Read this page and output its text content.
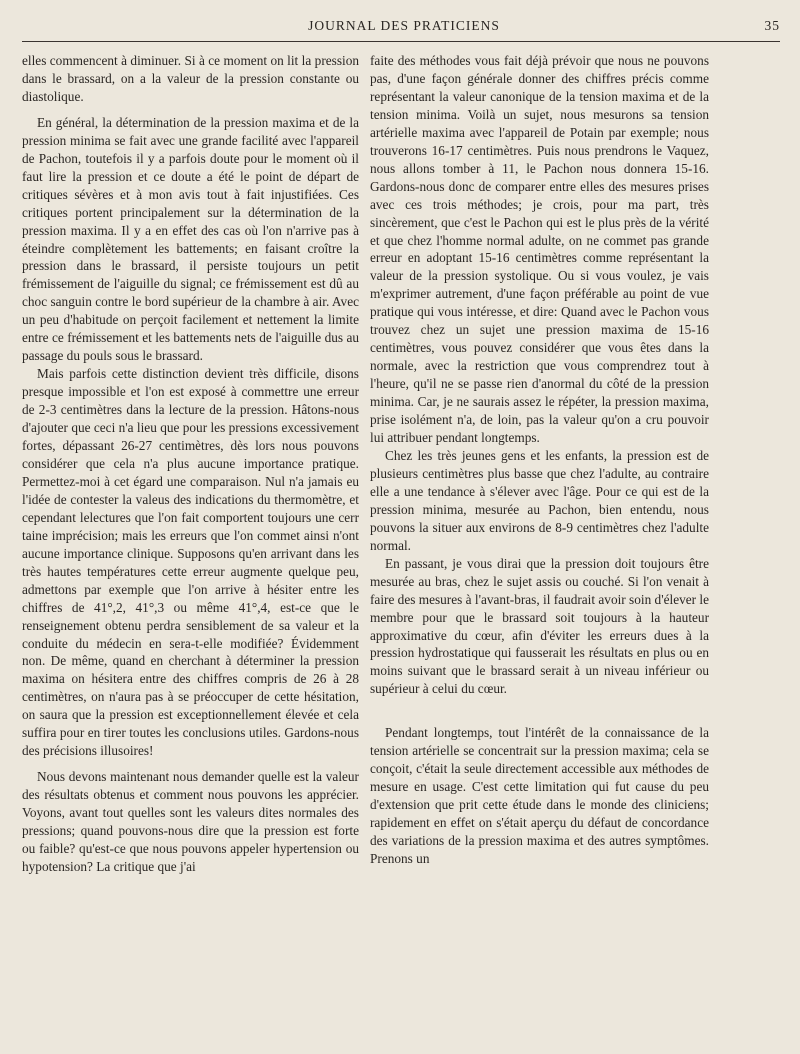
JOURNAL DES PRATICIENS	35

elles commencent à diminuer. Si à ce moment on lit la pression dans le brassard, on a la valeur de la pression constante ou diastolique.

En général, la détermination de la pression maxima et de la pression minima se fait avec une grande facilité avec l'appareil de Pachon, toutefois il y a parfois doute pour le moment où il faut lire la pression et ce doute a été le point de départ de critiques sévères et à mon avis tout à fait injustifiées. Ces critiques portent principalement sur la détermination de la pression maxima. Il y a en effet des cas où l'on n'arrive pas à éteindre complètement les battements; en faisant croître la pression dans le brassard, il persiste toujours un petit frémissement de l'aiguille du signal; ce frémissement est dû au choc sanguin contre le bord supérieur de la chambre à air. Avec un peu d'habitude on perçoit facilement et nettement la limite entre ce frémissement et les battements nets de l'aiguille dus au passage du pouls sous le brassard.

Mais parfois cette distinction devient très difficile, disons presque impossible et l'on est exposé à commettre une erreur de 2-3 centimètres dans la lecture de la pression. Hâtons-nous d'ajouter que ceci n'a lieu que pour les pressions excessivement fortes, dépassant 26-27 centimètres, dès lors nous pouvons considérer que cela n'a plus aucune importance pratique. Permettez-moi à cet égard une comparaison. Nul n'a jamais eu l'idée de contester la valeus des indications du thermomètre, et cependant lelectures que l'on fait comportent toujours une cerr taine imprécision; mais les erreurs que l'on commet ainsi n'ont aucune importance clinique. Supposons qu'en arrivant dans les très hautes températures cette erreur augmente quelque peu, admettons par exemple que l'on arrive à hésiter entre les chiffres de 41°,2, 41°,3 ou même 41°,4, est-ce que le renseignement obtenu perdra sensiblement de sa valeur et la conduite du médecin en sera-t-elle modifiée? Évidemment non. De même, quand en cherchant à déterminer la pression maxima on hésitera entre des chiffres compris de 26 à 28 centimètres, on n'aura pas à se préoccuper de cette hésitation, on saura que la pression est exceptionnellement élevée et cela suffira pour en tirer toutes les conclusions utiles. Gardons-nous des précisions illusoires!

Nous devons maintenant nous demander quelle est la valeur des résultats obtenus et comment nous pouvons les apprécier. Voyons, avant tout quelles sont les valeurs dites normales des pressions; quand pouvons-nous dire que la pression est forte ou faible? qu'est-ce que nous pouvons appeler hypertension ou hypotension? La critique que j'ai

faite des méthodes vous fait déjà prévoir que nous ne pouvons pas, d'une façon générale donner des chiffres précis comme représentant la valeur canonique de la tension maxima et de la tension minima. Voilà un sujet, nous mesurons sa tension artérielle maxima avec l'appareil de Potain par exemple; nous trouverons 16-17 centimètres. Puis nous prendrons le Vaquez, nous allons tomber à 11, le Pachon nous donnera 15-16. Gardons-nous donc de comparer entre elles des mesures prises avec ces trois méthodes; je crois, pour ma part, très sincèrement, que c'est le Pachon qui est le plus près de la vérité et que chez l'homme normal adulte, on ne commet pas grande erreur en adoptant 15-16 centimètres comme représentant la valeur de la pression systolique. Ou si vous voulez, je vais m'exprimer autrement, d'une façon préférable au point de vue pratique qui vous intéresse, et dire: Quand avec le Pachon vous trouvez chez un sujet une pression maxima de 15-16 centimètres, vous pouvez considérer que vous êtes dans la normale, avec la restriction que vous comprendrez tout à l'heure, qu'il ne se passe rien d'anormal du côté de la pression minima. Car, je ne saurais assez le répéter, la pression maxima, prise isolément n'a, de loin, pas la valeur qu'on a cru pouvoir lui attribuer pendant longtemps.

Chez les très jeunes gens et les enfants, la pression est de plusieurs centimètres plus basse que chez l'adulte, au contraire elle a une tendance à s'élever avec l'âge. Pour ce qui est de la pression minima, mesurée au Pachon, bien entendu, nous pouvons la situer aux environs de 8-9 centimètres chez l'adulte normal.

En passant, je vous dirai que la pression doit toujours être mesurée au bras, chez le sujet assis ou couché. Si l'on venait à faire des mesures à l'avant-bras, il faudrait avoir soin d'élever le membre pour que le brassard soit toujours à la hauteur approximative du cœur, afin d'éviter les erreurs dues à la pression hydrostatique qui fausserait les résultats en plus ou en moins suivant que le brassard serait à un niveau inférieur ou supérieur à celui du cœur.

Pendant longtemps, tout l'intérêt de la connaissance de la tension artérielle se concentrait sur la pression maxima; cela se conçoit, c'était la seule directement accessible aux méthodes de mesure en usage. C'est cette limitation qui fut cause du peu d'extension que prit cette étude dans le monde des cliniciens; rapidement en effet on s'était aperçu du défaut de concordance des variations de la pression maxima et des autres symptômes. Prenons un
